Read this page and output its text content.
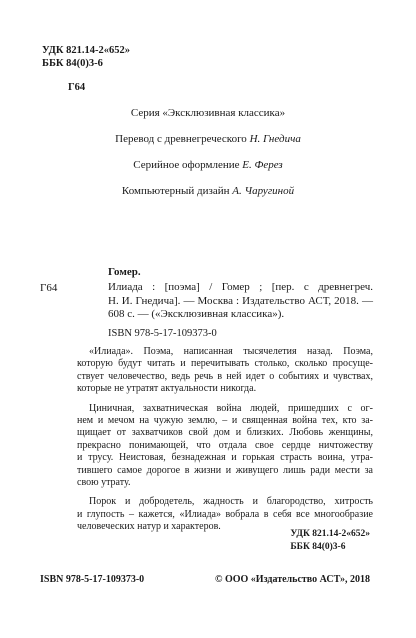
УДК 821.14-2«652»
ББК 84(0)3-6
Г64
Серия «Эксклюзивная классика»
Перевод с древнегреческого Н. Гнедича
Серийное оформление Е. Ферез
Компьютерный дизайн А. Чаругиной
Гомер.
Г64	Илиада : [поэма] / Гомер ; [пер. с древнегреч.
Н. И. Гнедича]. — Москва : Издательство АСТ, 2018. —
608 с. — («Эксклюзивная классика»).
ISBN 978-5-17-109373-0

«Илиада». Поэма, написанная тысячелетия назад. Поэма,
которую будут читать и перечитывать столько, сколько просуще-
ствует человечество, ведь речь в ней идет о событиях и чувствах,
которые не утратят актуальности никогда.

Циничная, захватническая война людей, пришедших с ог-
нем и мечом на чужую землю, – и священная война тех, кто за-
щищает от захватчиков свой дом и близких. Любовь женщины,
прекрасно понимающей, что отдала свое сердце ничтожеству
и трусу. Неистовая, безнадежная и горькая страсть воина, утра-
тившего самое дорогое в жизни и живущего лишь ради мести за
свою утрату.

Порок и добродетель, жадность и благородство, хитрость
и глупость – кажется, «Илиада» вобрала в себя все многообразие
человеческих натур и характеров.

УДК 821.14-2«652»
ББК 84(0)3-6
ISBN 978-5-17-109373-0	© ООО «Издательство АСТ», 2018
